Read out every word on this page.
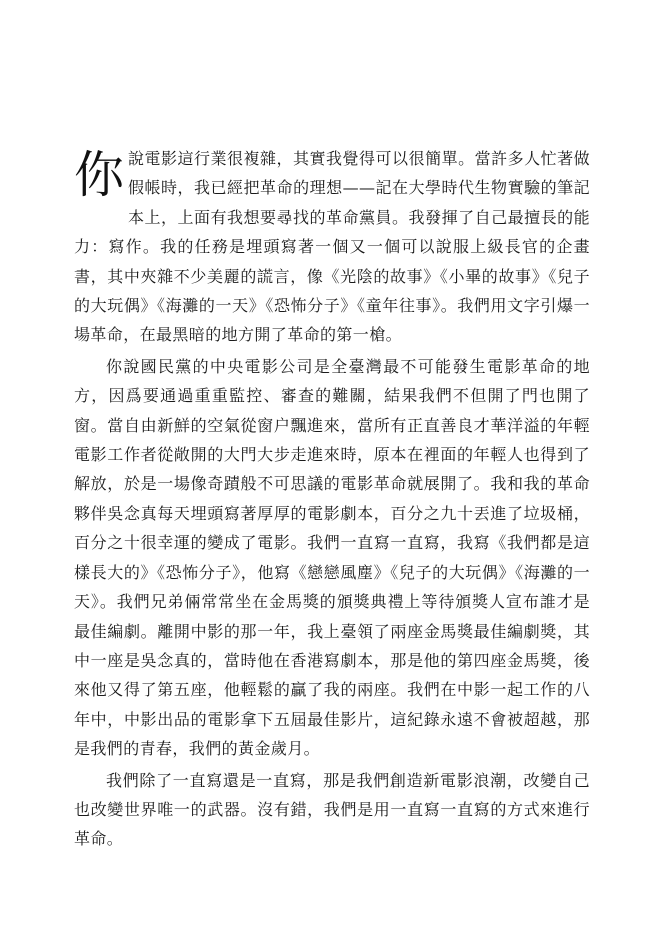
你說電影這行業很複雜，其實我覺得可以很簡單。當許多人忙著做假帳時，我已經把革命的理想——記在大學時代生物實驗的筆記本上，上面有我想要尋找的革命黨員。我發揮了自己最擅長的能力：寫作。我的任務是埋頭寫著一個又一個可以說服上級長官的企畫書，其中夾雜不少美麗的謊言，像《光陰的故事》《小畢的故事》《兒子的大玩偶》《海灘的一天》《恐怖分子》《童年往事》。我們用文字引爆一場革命，在最黑暗的地方開了革命的第一槍。

你說國民黨的中央電影公司是全臺灣最不可能發生電影革命的地方，因爲要通過重重監控、審查的難關，結果我們不但開了門也開了窗。當自由新鮮的空氣從窗户飄進來，當所有正直善良才華洋溢的年輕電影工作者從敞開的大門大步走進來時，原本在裡面的年輕人也得到了解放，於是一場像奇蹟般不可思議的電影革命就展開了。我和我的革命夥伴吳念真每天埋頭寫著厚厚的電影劇本，百分之九十丟進了垃圾桶，百分之十很幸運的變成了電影。我們一直寫一直寫，我寫《我們都是這樣長大的》《恐怖分子》，他寫《戀戀風塵》《兒子的大玩偶》《海灘的一天》。我們兄弟倆常常坐在金馬獎的頒獎典禮上等待頒獎人宣布誰才是最佳編劇。離開中影的那一年，我上臺領了兩座金馬獎最佳編劇獎，其中一座是吳念真的，當時他在香港寫劇本，那是他的第四座金馬獎，後來他又得了第五座，他輕鬆的贏了我的兩座。我們在中影一起工作的八年中，中影出品的電影拿下五屆最佳影片，這紀錄永遠不會被超越，那是我們的青春，我們的黃金歲月。

我們除了一直寫還是一直寫，那是我們創造新電影浪潮，改變自己也改變世界唯一的武器。沒有錯，我們是用一直寫一直寫的方式來進行革命。
